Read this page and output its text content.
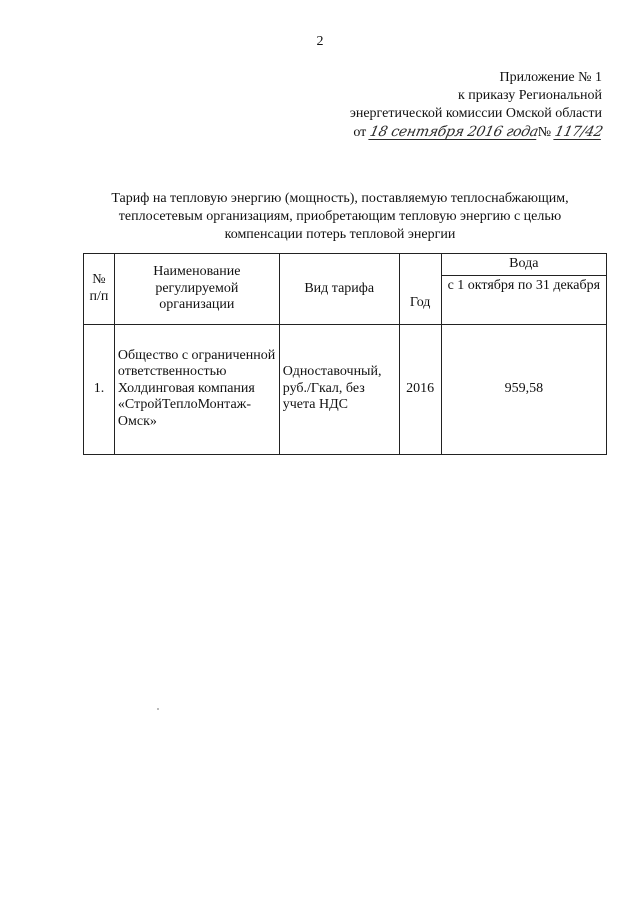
2
Приложение № 1
к приказу Региональной
энергетической комиссии Омской области
от 18 сентября 2016 года№ 117/42
Тариф на тепловую энергию (мощность), поставляемую теплоснабжающим,
теплосетевым организациям, приобретающим тепловую энергию с целью
компенсации потерь тепловой энергии
№ п/п	Наименование регулируемой организации	Вид тарифа	Год	Вода
				с 1 октября по 31 декабря
1.	Общество с ограниченной ответственностью Холдинговая компания «СтройТеплоМонтаж-Омск»	Одноставочный, руб./Гкал, без учета НДС	2016	959,58
